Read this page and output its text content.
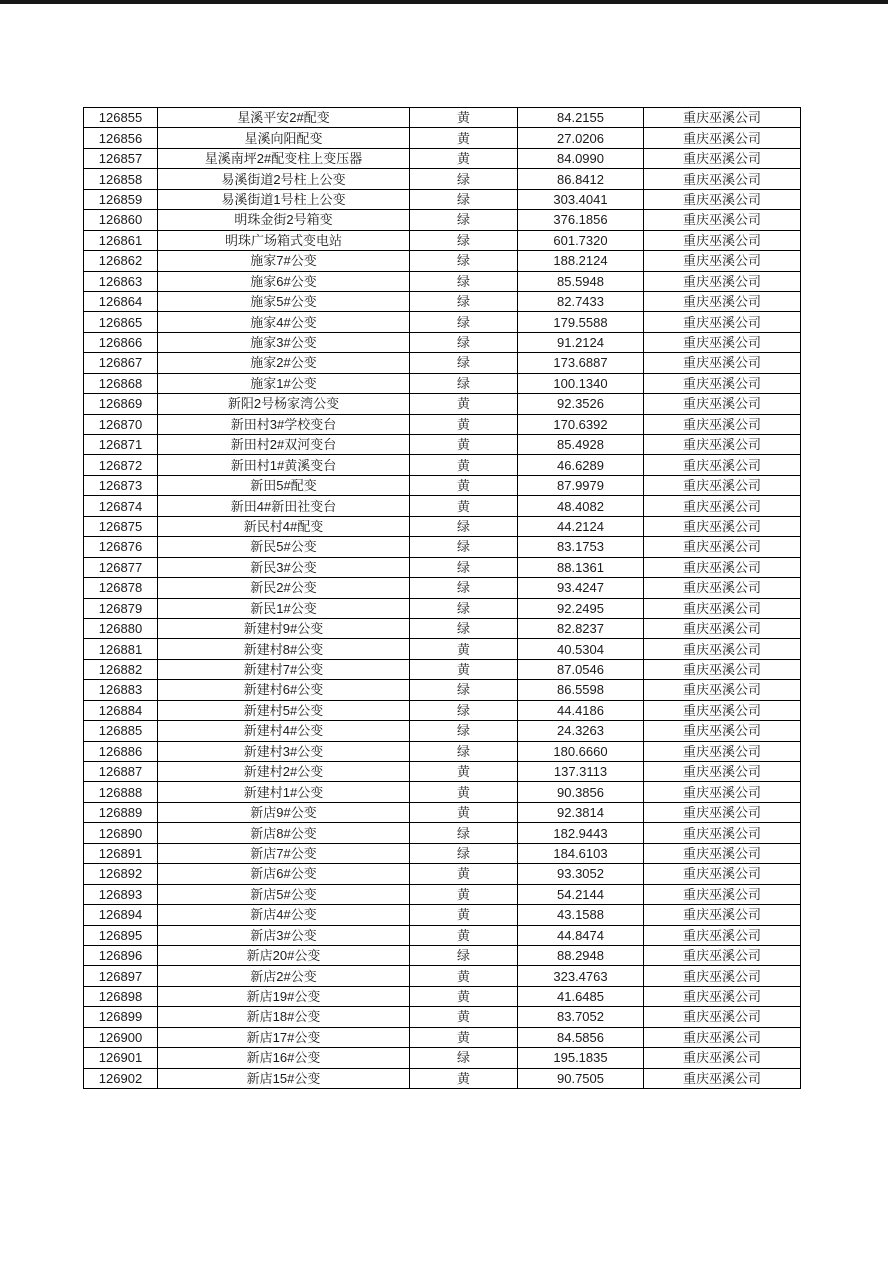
126855	星溪平安2#配变	黄	84.2155	重庆巫溪公司
126856	星溪向阳配变	黄	27.0206	重庆巫溪公司
126857	星溪南坪2#配变柱上变压器	黄	84.0990	重庆巫溪公司
126858	易溪街道2号柱上公变	绿	86.8412	重庆巫溪公司
126859	易溪街道1号柱上公变	绿	303.4041	重庆巫溪公司
126860	明珠金街2号箱变	绿	376.1856	重庆巫溪公司
126861	明珠广场箱式变电站	绿	601.7320	重庆巫溪公司
126862	施家7#公变	绿	188.2124	重庆巫溪公司
126863	施家6#公变	绿	85.5948	重庆巫溪公司
126864	施家5#公变	绿	82.7433	重庆巫溪公司
126865	施家4#公变	绿	179.5588	重庆巫溪公司
126866	施家3#公变	绿	91.2124	重庆巫溪公司
126867	施家2#公变	绿	173.6887	重庆巫溪公司
126868	施家1#公变	绿	100.1340	重庆巫溪公司
126869	新阳2号杨家湾公变	黄	92.3526	重庆巫溪公司
126870	新田村3#学校变台	黄	170.6392	重庆巫溪公司
126871	新田村2#双河变台	黄	85.4928	重庆巫溪公司
126872	新田村1#黄溪变台	黄	46.6289	重庆巫溪公司
126873	新田5#配变	黄	87.9979	重庆巫溪公司
126874	新田4#新田社变台	黄	48.4082	重庆巫溪公司
126875	新民村4#配变	绿	44.2124	重庆巫溪公司
126876	新民5#公变	绿	83.1753	重庆巫溪公司
126877	新民3#公变	绿	88.1361	重庆巫溪公司
126878	新民2#公变	绿	93.4247	重庆巫溪公司
126879	新民1#公变	绿	92.2495	重庆巫溪公司
126880	新建村9#公变	绿	82.8237	重庆巫溪公司
126881	新建村8#公变	黄	40.5304	重庆巫溪公司
126882	新建村7#公变	黄	87.0546	重庆巫溪公司
126883	新建村6#公变	绿	86.5598	重庆巫溪公司
126884	新建村5#公变	绿	44.4186	重庆巫溪公司
126885	新建村4#公变	绿	24.3263	重庆巫溪公司
126886	新建村3#公变	绿	180.6660	重庆巫溪公司
126887	新建村2#公变	黄	137.3113	重庆巫溪公司
126888	新建村1#公变	黄	90.3856	重庆巫溪公司
126889	新店9#公变	黄	92.3814	重庆巫溪公司
126890	新店8#公变	绿	182.9443	重庆巫溪公司
126891	新店7#公变	绿	184.6103	重庆巫溪公司
126892	新店6#公变	黄	93.3052	重庆巫溪公司
126893	新店5#公变	黄	54.2144	重庆巫溪公司
126894	新店4#公变	黄	43.1588	重庆巫溪公司
126895	新店3#公变	黄	44.8474	重庆巫溪公司
126896	新店20#公变	绿	88.2948	重庆巫溪公司
126897	新店2#公变	黄	323.4763	重庆巫溪公司
126898	新店19#公变	黄	41.6485	重庆巫溪公司
126899	新店18#公变	黄	83.7052	重庆巫溪公司
126900	新店17#公变	黄	84.5856	重庆巫溪公司
126901	新店16#公变	绿	195.1835	重庆巫溪公司
126902	新店15#公变	黄	90.7505	重庆巫溪公司
